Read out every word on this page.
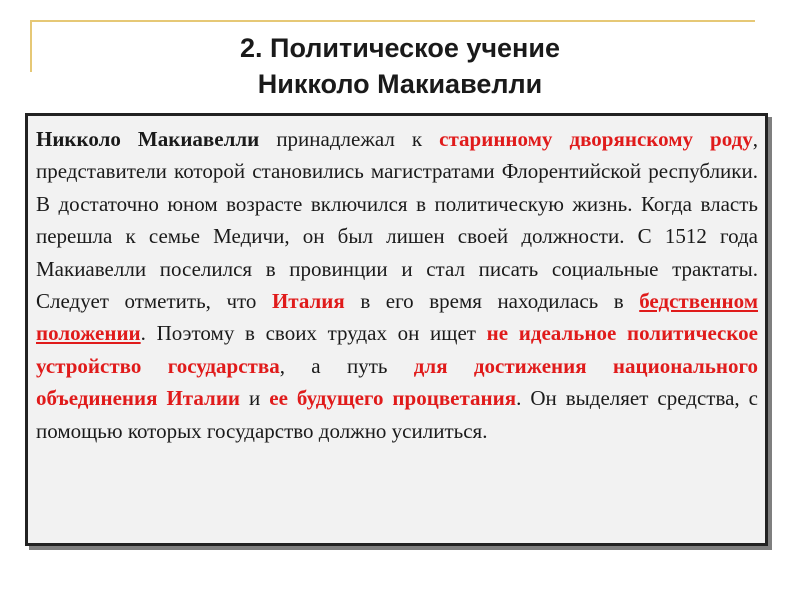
2. Политическое учение
Никколо Макиавелли

Никколо Макиавелли принадлежал к старинному дворянскому роду, представители которой становились магистратами Флорентийской республики. В достаточно юном возрасте включился в политическую жизнь. Когда власть перешла к семье Медичи, он был лишен своей должности. С 1512 года Макиавелли поселился в провинции и стал писать социальные трактаты. Следует отметить, что Италия в его время находилась в бедственном положении. Поэтому в своих трудах он ищет не идеальное политическое устройство государства, а путь для достижения национального объединения Италии и ее будущего процветания. Он выделяет средства, с помощью которых государство должно усилиться.
